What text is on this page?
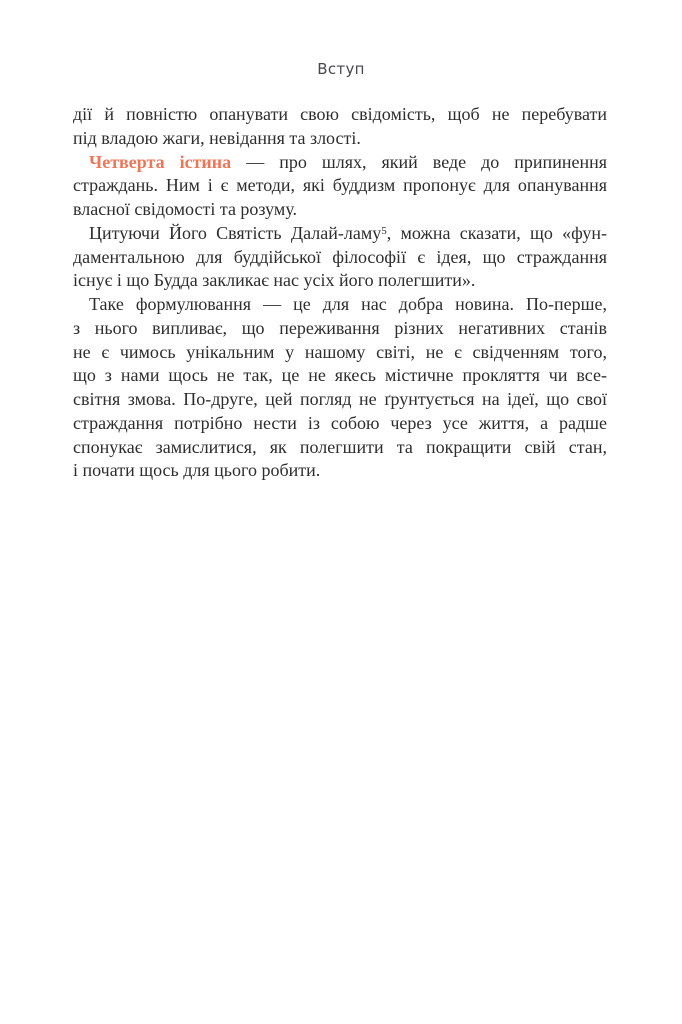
Вступ
дії й повністю опанувати свою свідомість, щоб не перебувати
під владою жаги, невідання та злості.
Четверта істина — про шлях, який веде до припинення
страждань. Ним і є методи, які буддизм пропонує для опанування
власної свідомості та розуму.
Цитуючи Його Святість Далай-ламу$^5$, можна сказати, що «фун-
даментальною для буддійської філософії є ідея, що страждання
існує і що Будда закликає нас усіх його полегшити».
Таке формулювання — це для нас добра новина. По-перше,
з нього випливає, що переживання різних негативних станів
не є чимось унікальним у нашому світі, не є свідченням того,
що з нами щось не так, це не якесь містичне прокляття чи все-
світня змова. По-друге, цей погляд не ґрунтується на ідеї, що свої
страждання потрібно нести із собою через усе життя, а радше
спонукає замислитися, як полегшити та покращити свій стан,
і почати щось для цього робити.
